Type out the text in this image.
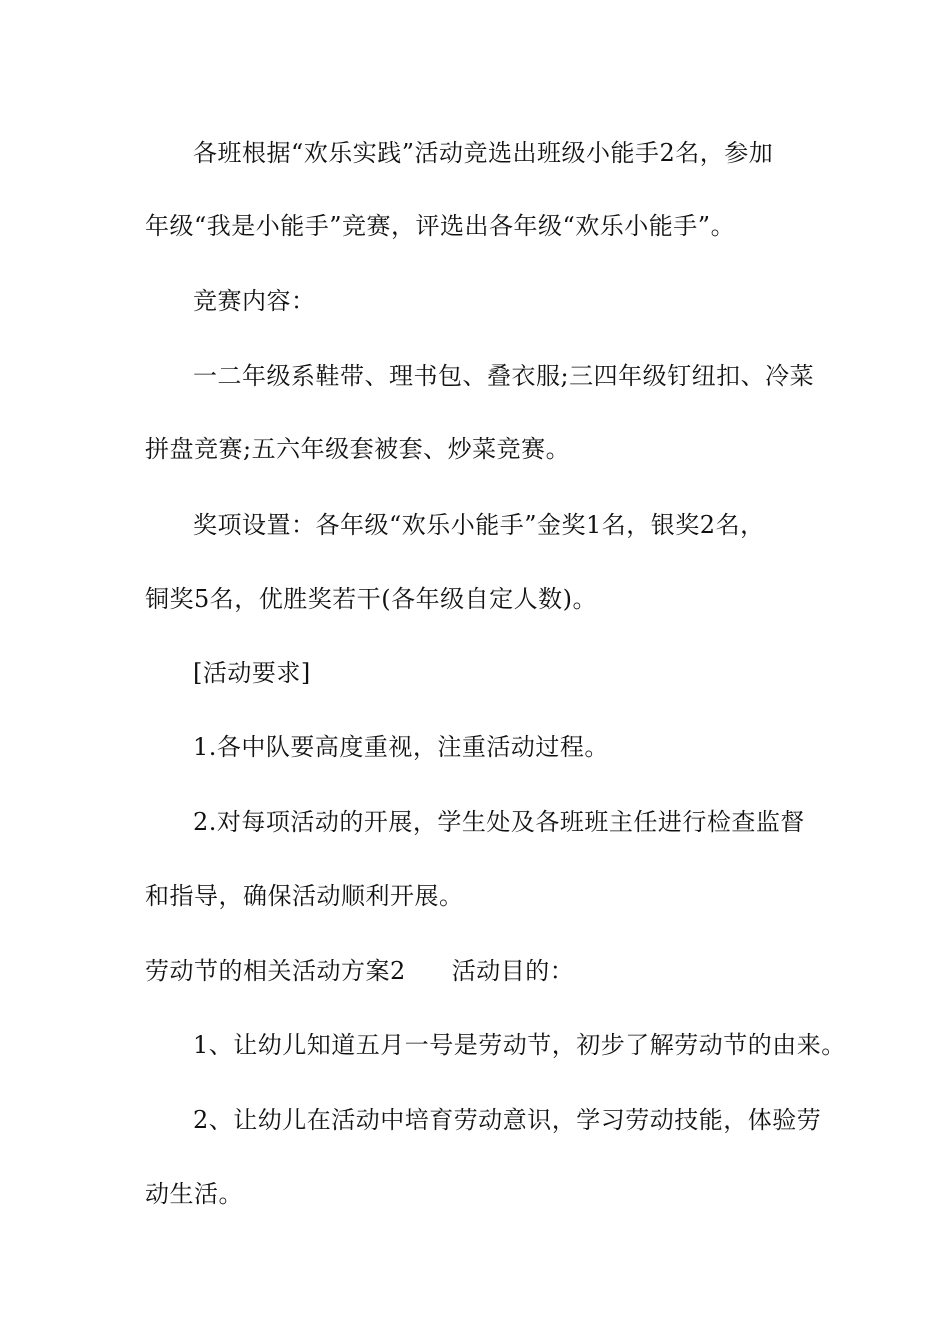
各班根据“欢乐实践”活动竞选出班级小能手2名，参加
年级“我是小能手”竞赛，评选出各年级“欢乐小能手”。
竞赛内容：
一二年级系鞋带、理书包、叠衣服;三四年级钉纽扣、冷菜
拼盘竞赛;五六年级套被套、炒菜竞赛。
奖项设置：各年级“欢乐小能手”金奖1名，银奖2名，
铜奖5名，优胜奖若干(各年级自定人数)。
[活动要求]
1.各中队要高度重视，注重活动过程。
2.对每项活动的开展，学生处及各班班主任进行检查监督
和指导，确保活动顺利开展。
劳动节的相关活动方案2 活动目的：
1、让幼儿知道五月一号是劳动节，初步了解劳动节的由来。
2、让幼儿在活动中培育劳动意识，学习劳动技能，体验劳
动生活。
